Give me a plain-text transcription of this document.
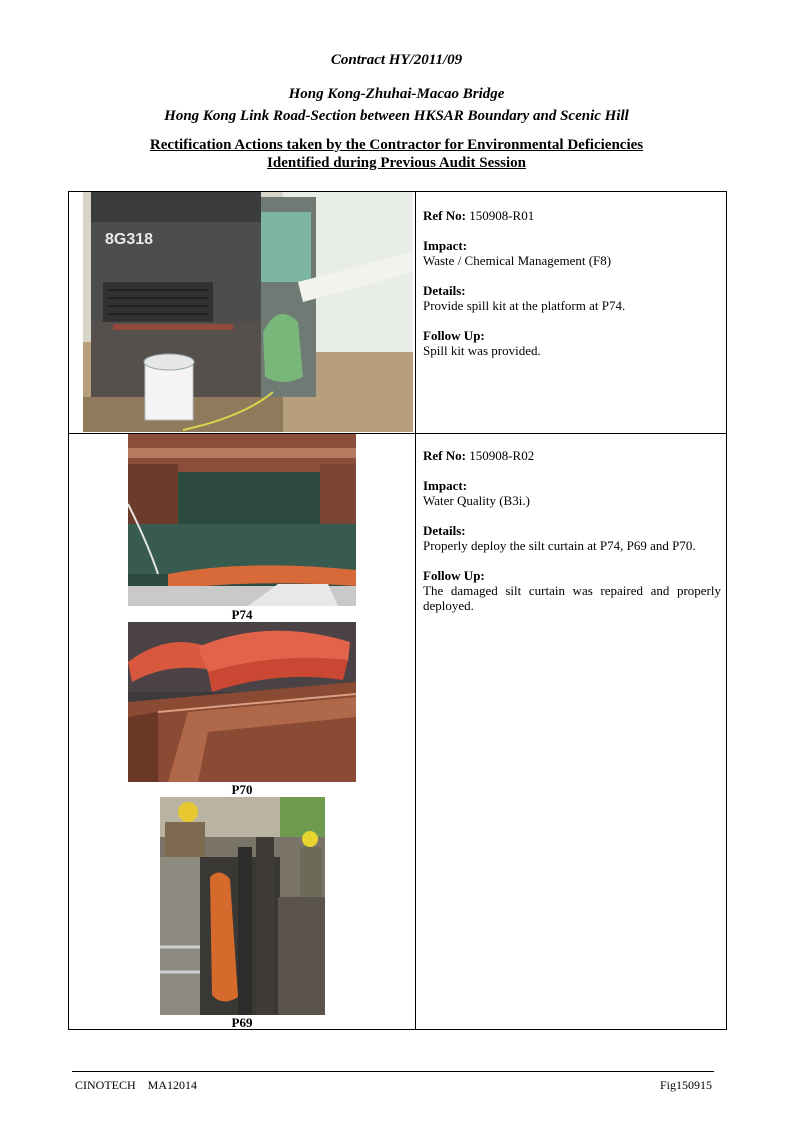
Contract HY/2011/09
Hong Kong-Zhuhai-Macao Bridge
Hong Kong Link Road-Section between HKSAR Boundary and Scenic Hill
Rectification Actions taken by the Contractor for Environmental Deficiencies
Identified during Previous Audit Session
8G318

Ref No: 150908-R01

Impact:

Waste / Chemical Management (F8)

Details:

Provide spill kit at the platform at P74.

Follow Up:

Spill kit was provided.

P74
P70
P69

Ref No: 150908-R02

Impact:

Water Quality (B3i.)

Details:

Properly deploy the silt curtain at P74, P69 and P70.

Follow Up:

The damaged silt curtain was repaired and properly deployed.

CINOTECH    MA12014	Fig150915
